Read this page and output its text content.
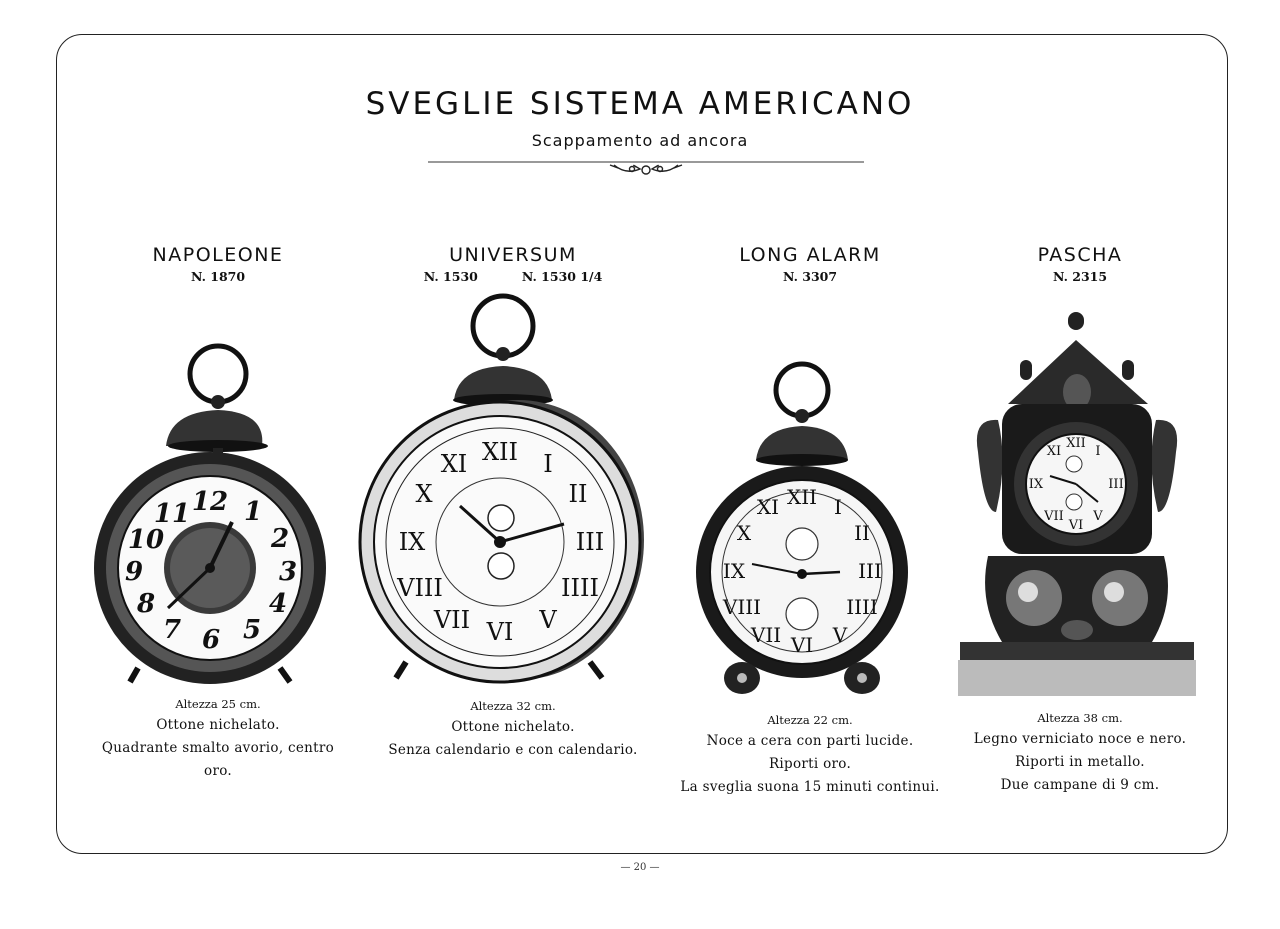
SVEGLIE SISTEMA AMERICANO
Scappamento ad ancora
NAPOLEONE
N. 1870
12 1
2
3
4
5
6
7
8
9
10
11
Altezza 25 cm.
Ottone nichelato.
Quadrante smalto avorio, centro oro.
UNIVERSUM
N. 1530	N. 1530 1/4
XII I
II
III
IIII
V
VI
VII
VIII
IX
X
XI
Altezza 32 cm.
Ottone nichelato.
Senza calendario e con calendario.
LONG ALARM
N. 3307
XII I
II
III
IIII
V
VI
VII
VIII
IX
X
XI
Altezza 22 cm.
Noce a cera con parti lucide.
Riporti oro.
La sveglia suona 15 minuti continui.
PASCHA
N. 2315
XII
III
VI
IX
I
XI
V
VII
Altezza 38 cm.
Legno verniciato noce e nero.
Riporti in metallo.
Due campane di 9 cm.
— 20 —
